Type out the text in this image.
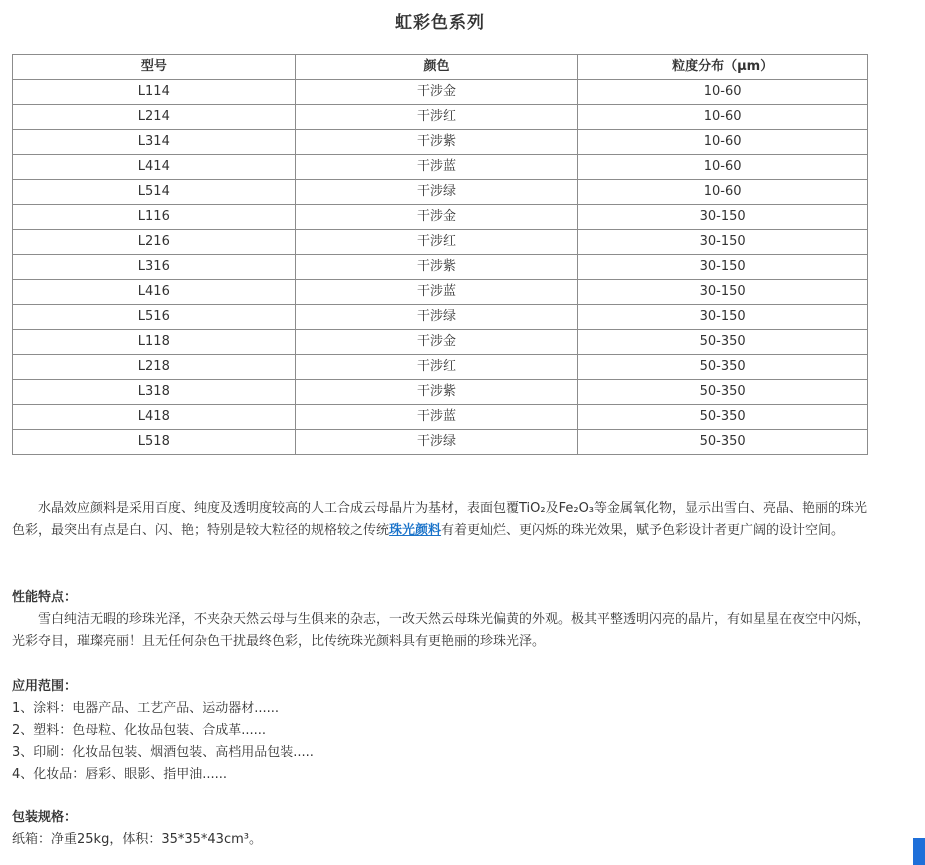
虹彩色系列
型号	颜色	粒度分布（μm）
L114	干涉金	10-60
L214	干涉红	10-60
L314	干涉紫	10-60
L414	干涉蓝	10-60
L514	干涉绿	10-60
L116	干涉金	30-150
L216	干涉红	30-150
L316	干涉紫	30-150
L416	干涉蓝	30-150
L516	干涉绿	30-150
L118	干涉金	50-350
L218	干涉红	50-350
L318	干涉紫	50-350
L418	干涉蓝	50-350
L518	干涉绿	50-350
水晶效应颜料是采用百度、纯度及透明度较高的人工合成云母晶片为基材，表面包覆TiO₂及Fe₂O₃等金属氧化物，显示出雪白、亮晶、艳丽的珠光色彩，最突出有点是白、闪、艳；特别是较大粒径的规格较之传统珠光颜料有着更灿烂、更闪烁的珠光效果，赋予色彩设计者更广阔的设计空间。
性能特点：
雪白纯洁无暇的珍珠光泽，不夹杂天然云母与生俱来的杂志，一改天然云母珠光偏黄的外观。极其平整透明闪亮的晶片，有如星星在夜空中闪烁，光彩夺目，璀璨亮丽！且无任何杂色干扰最终色彩，比传统珠光颜料具有更艳丽的珍珠光泽。
应用范围：
1、涂料：电器产品、工艺产品、运动器材......
2、塑料：色母粒、化妆品包装、合成革......
3、印刷：化妆品包装、烟酒包装、高档用品包装.....
4、化妆品：唇彩、眼影、指甲油......
包装规格：
纸箱：净重25kg，体积：35*35*43cm³。
